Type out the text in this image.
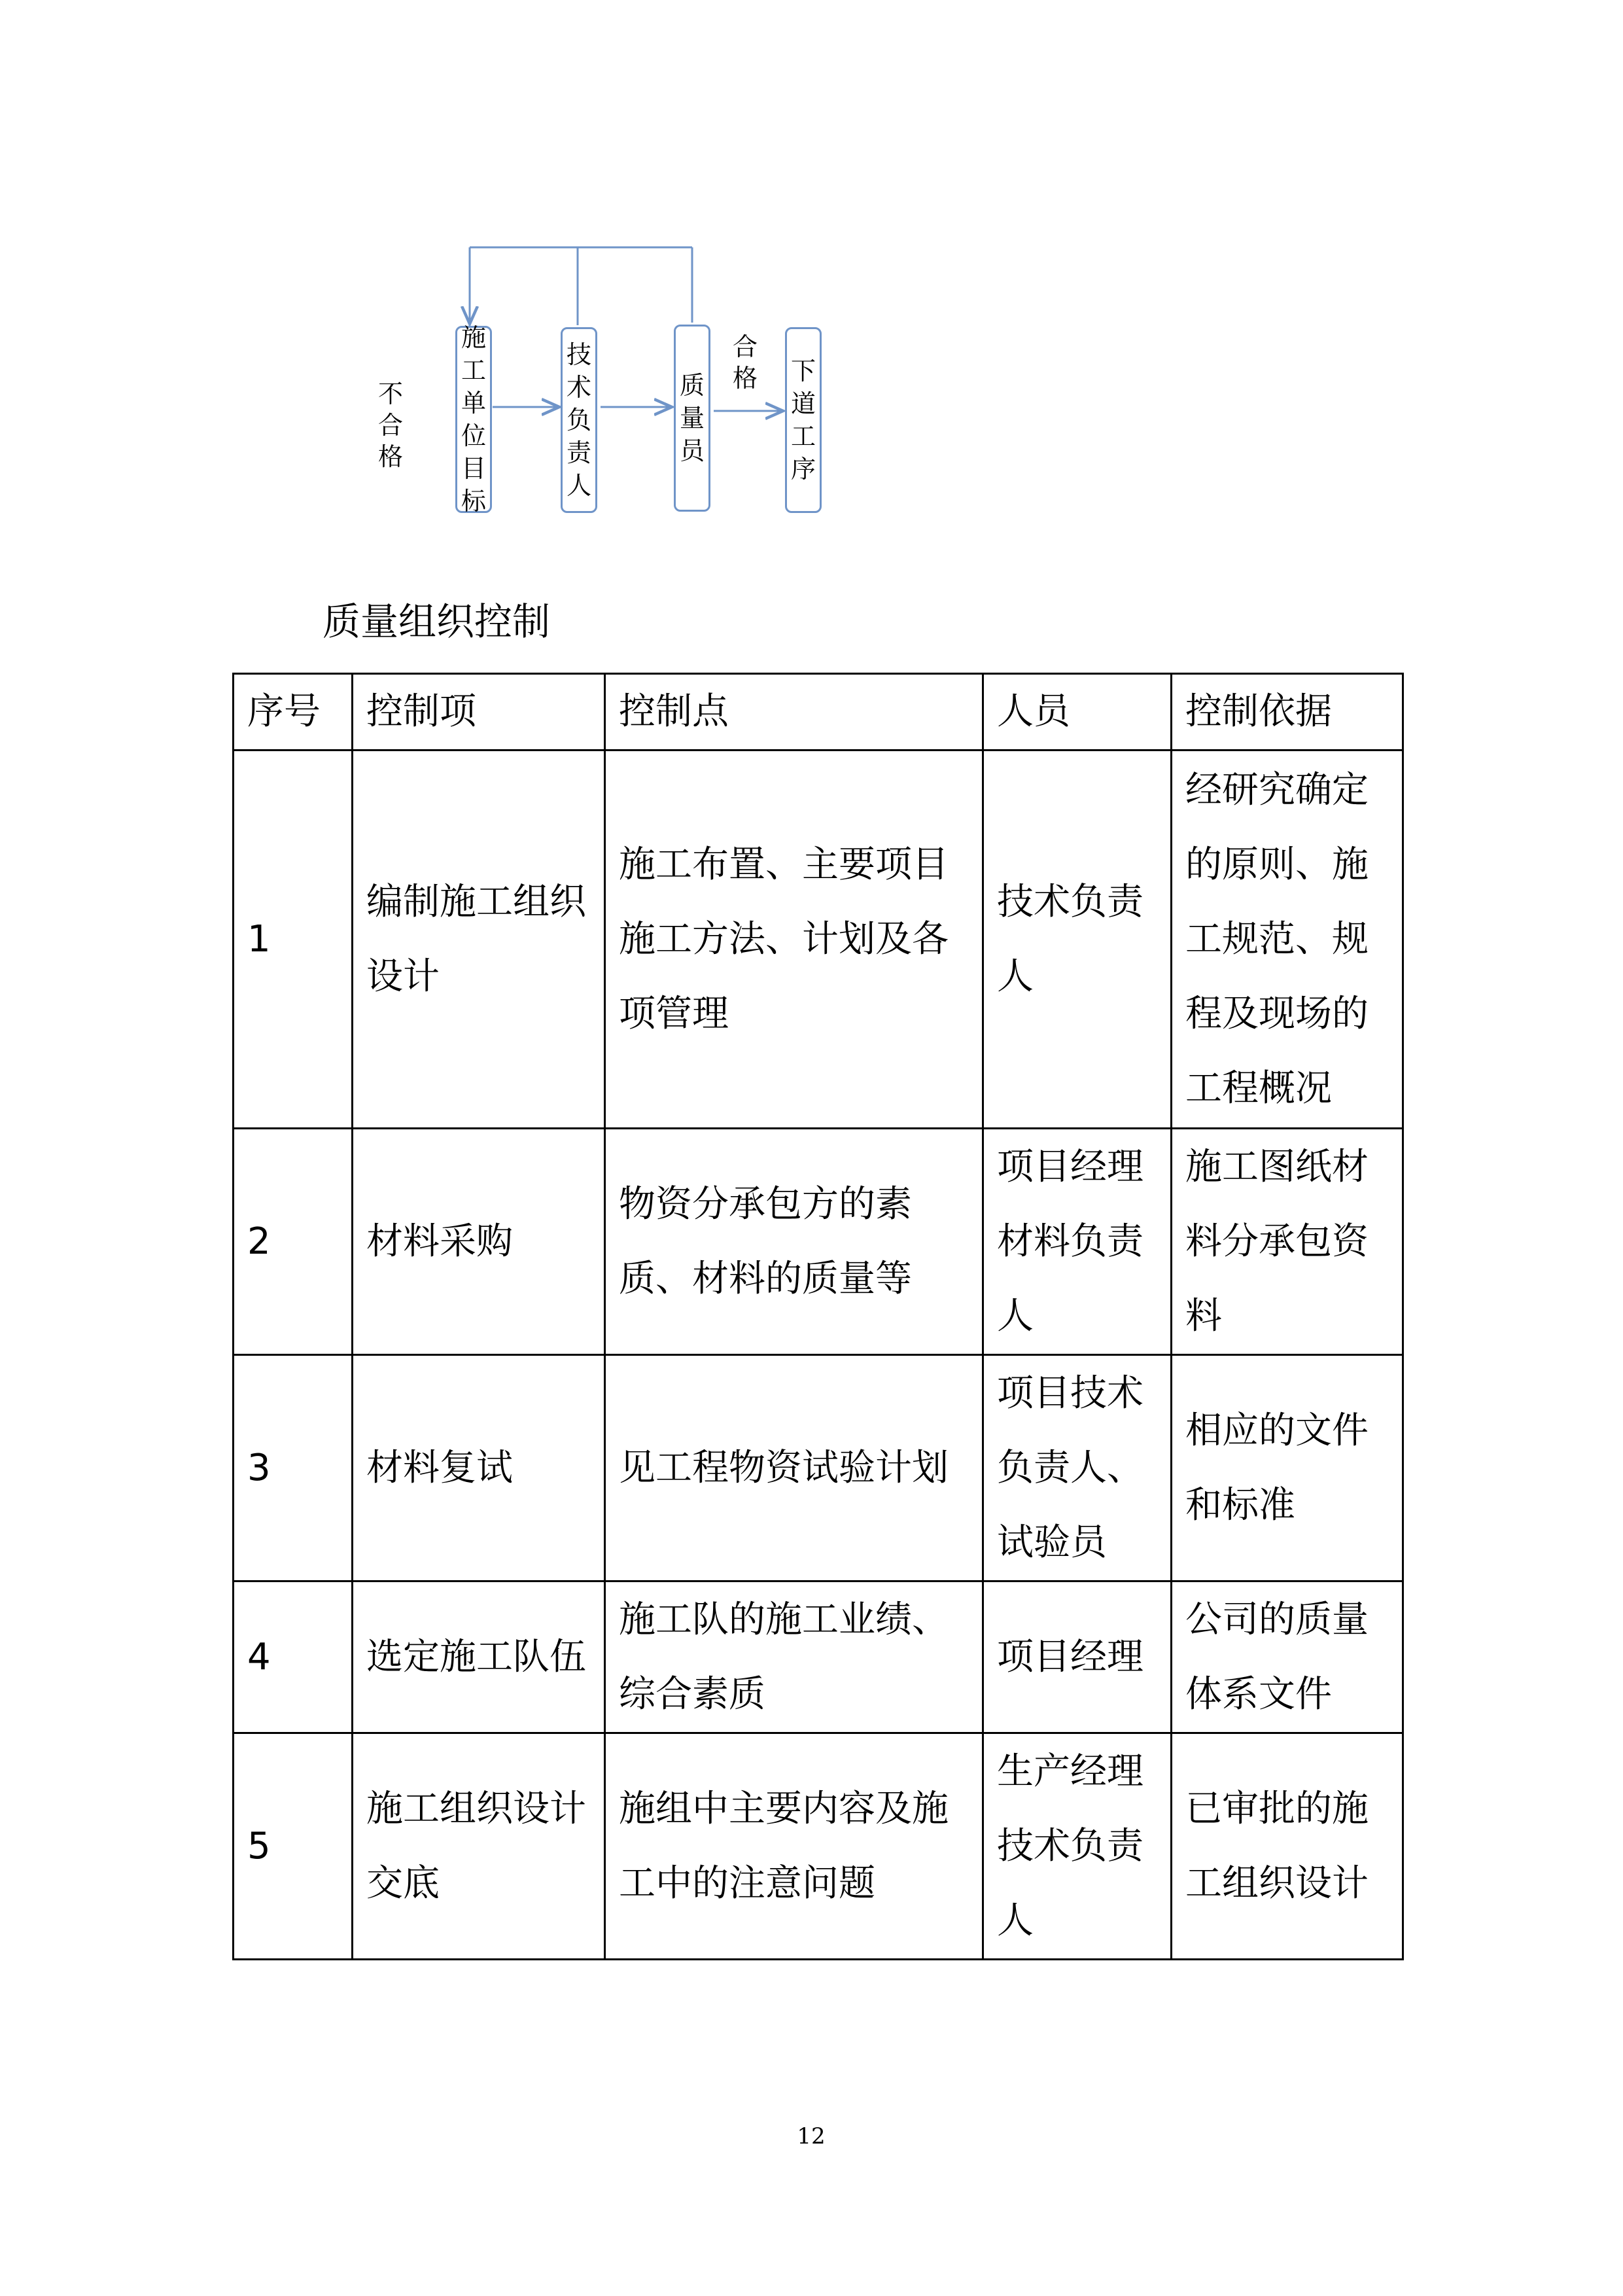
不合格
合格
施工单位目标
技术负责人
质量员
下道工序
质量组织控制
序号	控制项	控制点	人员	控制依据
1	编制施工组织设计	施工布置、主要项目施工方法、计划及各项管理	技术负责人	经研究确定的原则、施工规范、规程及现场的工程概况
2	材料采购	物资分承包方的素质、材料的质量等	项目经理材料负责人	施工图纸材料分承包资料
3	材料复试	见工程物资试验计划	项目技术负责人、试验员	相应的文件和标准
4	选定施工队伍	施工队的施工业绩、综合素质	项目经理	公司的质量体系文件
5	施工组织设计交底	施组中主要内容及施工中的注意问题	生产经理技术负责人	已审批的施工组织设计
12
